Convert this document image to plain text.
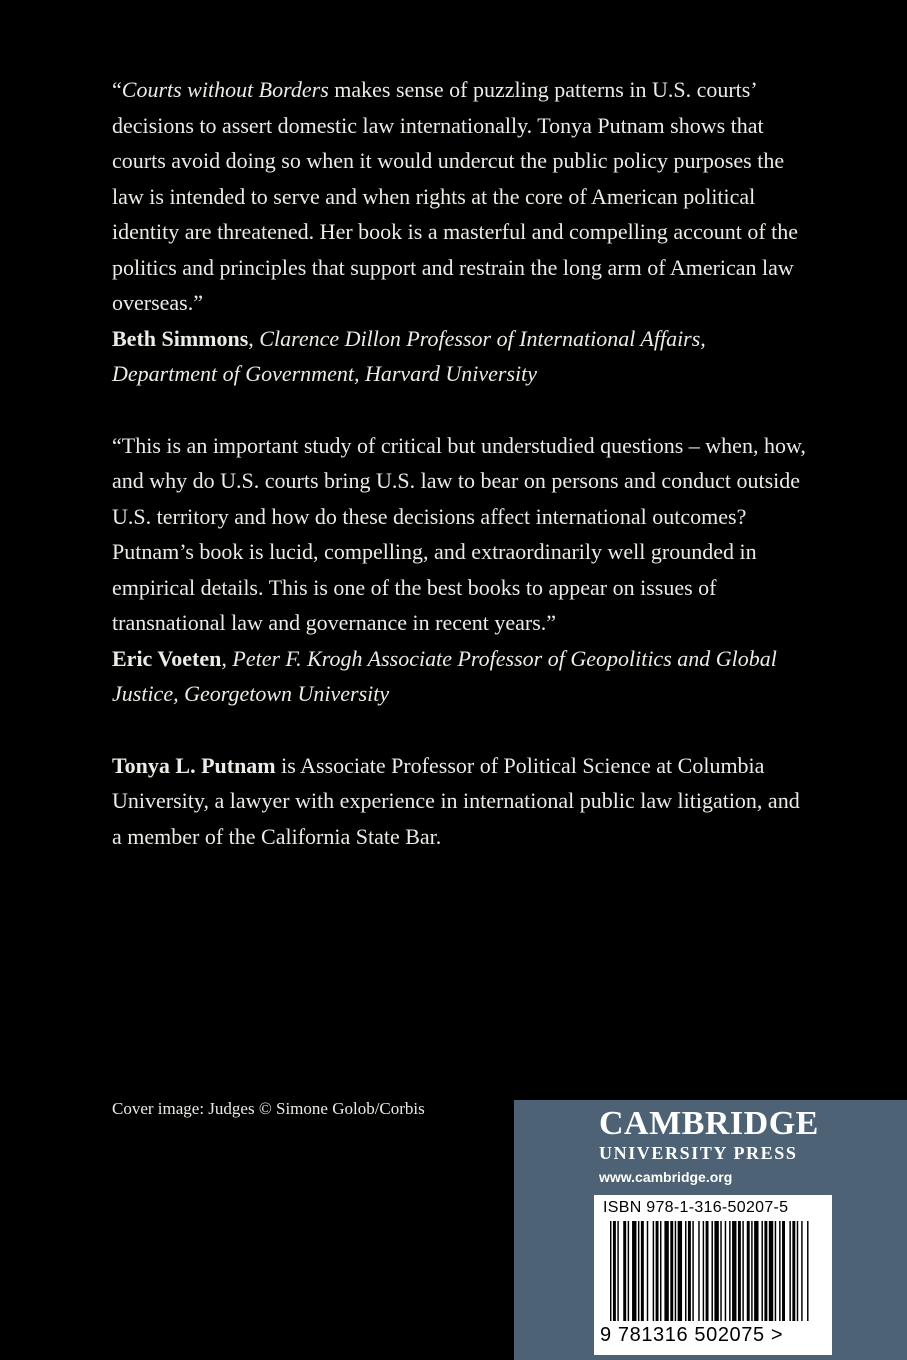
“Courts without Borders makes sense of puzzling patterns in U.S. courts’ decisions to assert domestic law internationally. Tonya Putnam shows that courts avoid doing so when it would undercut the public policy purposes the law is intended to serve and when rights at the core of American political identity are threatened. Her book is a masterful and compelling account of the politics and principles that support and restrain the long arm of American law overseas.”
Beth Simmons, Clarence Dillon Professor of International Affairs, Department of Government, Harvard University

“This is an important study of critical but understudied questions – when, how, and why do U.S. courts bring U.S. law to bear on persons and conduct outside U.S. territory and how do these decisions affect international outcomes? Putnam’s book is lucid, compelling, and extraordinarily well grounded in empirical details. This is one of the best books to appear on issues of transnational law and governance in recent years.”
Eric Voeten, Peter F. Krogh Associate Professor of Geopolitics and Global Justice, Georgetown University

Tonya L. Putnam is Associate Professor of Political Science at Columbia University, a lawyer with experience in international public law litigation, and a member of the California State Bar.

Cover image: Judges © Simone Golob/Corbis	CAMBRIDGE
UNIVERSITY PRESS
www.cambridge.org
ISBN 978-1-316-50207-5
9 781316 502075 >
